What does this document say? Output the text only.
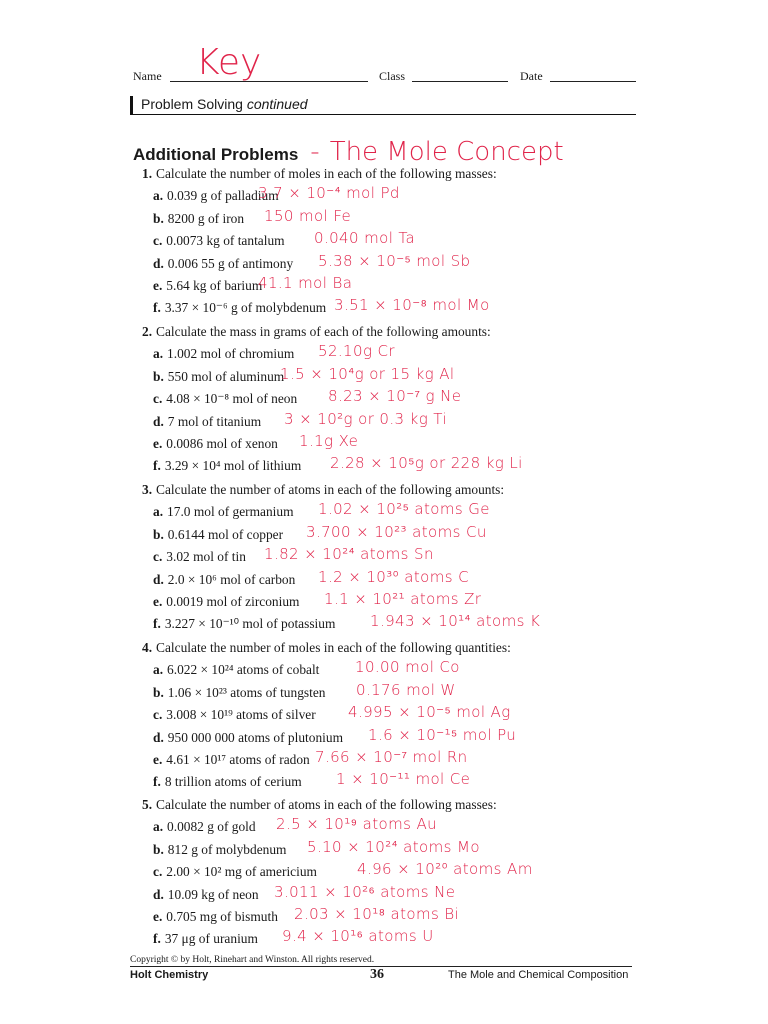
Name Key	Class	Date
Problem Solving continued
Additional Problems - The Mole Concept
1. Calculate the number of moles in each of the following masses:
a. 0.039 g of palladium
3.7 × 10⁻⁴ mol Pd
b. 8200 g of iron 150 mol Fe
c. 0.0073 kg of tantalum 0.040 mol Ta
d. 0.006 55 g of antimony 5.38 × 10⁻⁵ mol Sb
e. 5.64 kg of barium
41.1 mol Ba
f. 3.37 × 10⁻⁶ g of molybdenum 3.51 × 10⁻⁸ mol Mo
2. Calculate the mass in grams of each of the following amounts:
a. 1.002 mol of chromium 52.10g Cr
b. 550 mol of aluminum
1.5 × 10⁴g or 15 kg Al
c. 4.08 × 10⁻⁸ mol of neon 8.23 × 10⁻⁷ g Ne
d. 7 mol of titanium 3 × 10²g or 0.3 kg Ti
e. 0.0086 mol of xenon 1.1g Xe
f. 3.29 × 10⁴ mol of lithium 2.28 × 10⁵g or 228 kg Li
3. Calculate the number of atoms in each of the following amounts:
a. 17.0 mol of germanium 1.02 × 10²⁵ atoms Ge
b. 0.6144 mol of copper 3.700 × 10²³ atoms Cu
c. 3.02 mol of tin 1.82 × 10²⁴ atoms Sn
d. 2.0 × 10⁶ mol of carbon 1.2 × 10³⁰ atoms C
e. 0.0019 mol of zirconium 1.1 × 10²¹ atoms Zr
f. 3.227 × 10⁻¹⁰ mol of potassium 1.943 × 10¹⁴ atoms K
4. Calculate the number of moles in each of the following quantities:
a. 6.022 × 10²⁴ atoms of cobalt 10.00 mol Co
b. 1.06 × 10²³ atoms of tungsten 0.176 mol W
c. 3.008 × 10¹⁹ atoms of silver 4.995 × 10⁻⁵ mol Ag
d. 950 000 000 atoms of plutonium 1.6 × 10⁻¹⁵ mol Pu
e. 4.61 × 10¹⁷ atoms of radon 7.66 × 10⁻⁷ mol Rn
f. 8 trillion atoms of cerium 1 × 10⁻¹¹ mol Ce
5. Calculate the number of atoms in each of the following masses:
a. 0.0082 g of gold 2.5 × 10¹⁹ atoms Au
b. 812 g of molybdenum 5.10 × 10²⁴ atoms Mo
c. 2.00 × 10² mg of americium	4.96 × 10²⁰ atoms Am
d. 10.09 kg of neon 3.011 × 10²⁶ atoms Ne
e. 0.705 mg of bismuth 2.03 × 10¹⁸ atoms Bi
f. 37 μg of uranium 9.4 × 10¹⁶ atoms U
Copyright © by Holt, Rinehart and Winston. All rights reserved.
Holt Chemistry	36	The Mole and Chemical Composition
